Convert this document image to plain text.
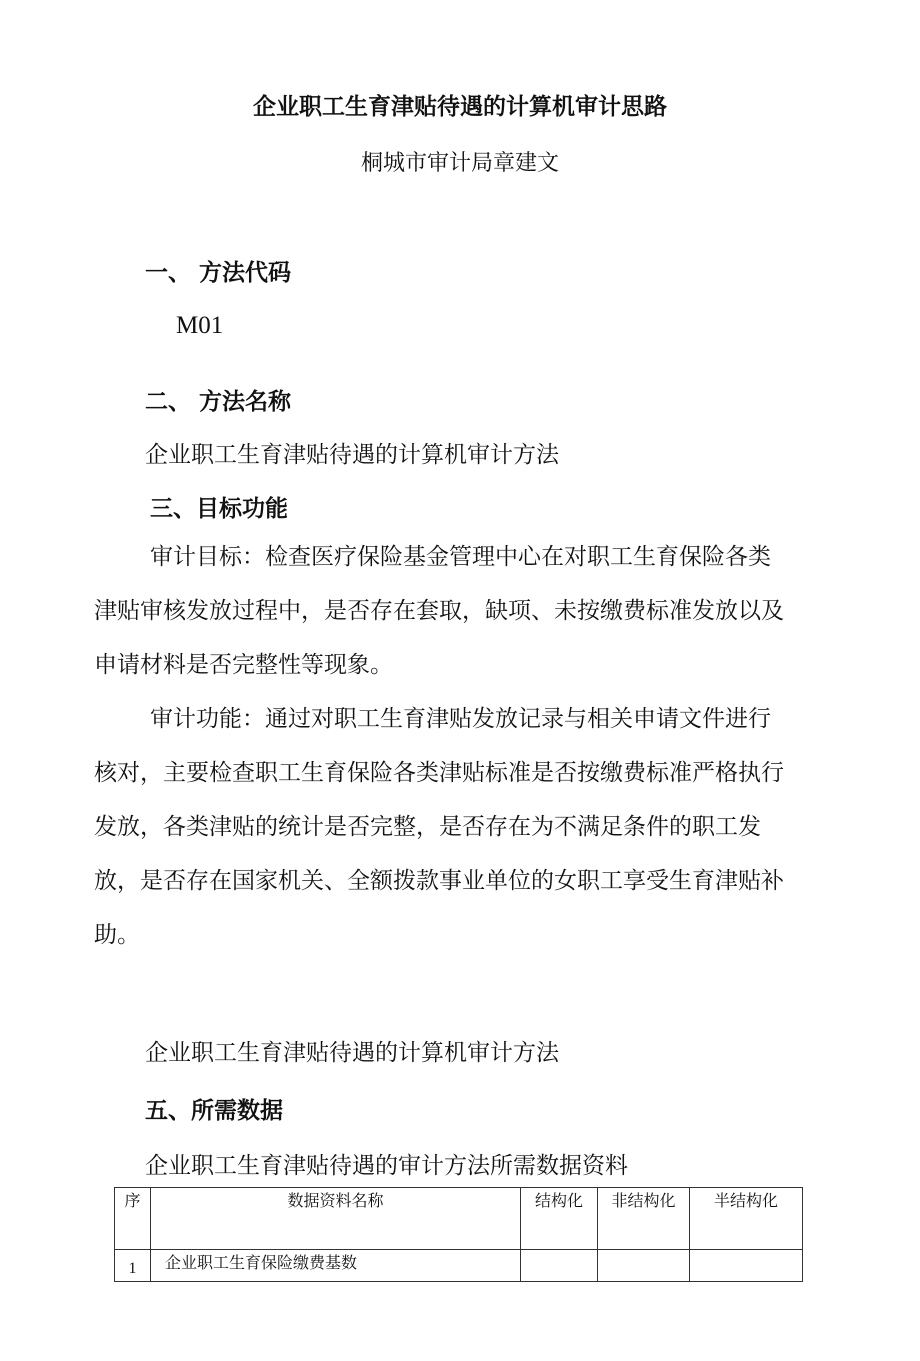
企业职工生育津贴待遇的计算机审计思路
桐城市审计局章建文
一、 方法代码
M01
二、 方法名称
企业职工生育津贴待遇的计算机审计方法
三、目标功能
审计目标：检查医疗保险基金管理中心在对职工生育保险各类津贴审核发放过程中，是否存在套取，缺项、未按缴费标准发放以及申请材料是否完整性等现象。
审计功能：通过对职工生育津贴发放记录与相关申请文件进行核对，主要检查职工生育保险各类津贴标准是否按缴费标准严格执行发放，各类津贴的统计是否完整，是否存在为不满足条件的职工发放，是否存在国家机关、全额拨款事业单位的女职工享受生育津贴补助。
企业职工生育津贴待遇的计算机审计方法
五、所需数据
企业职工生育津贴待遇的审计方法所需数据资料
序	数据资料名称	结构化	非结构化	半结构化
1	企业职工生育保险缴费基数			
